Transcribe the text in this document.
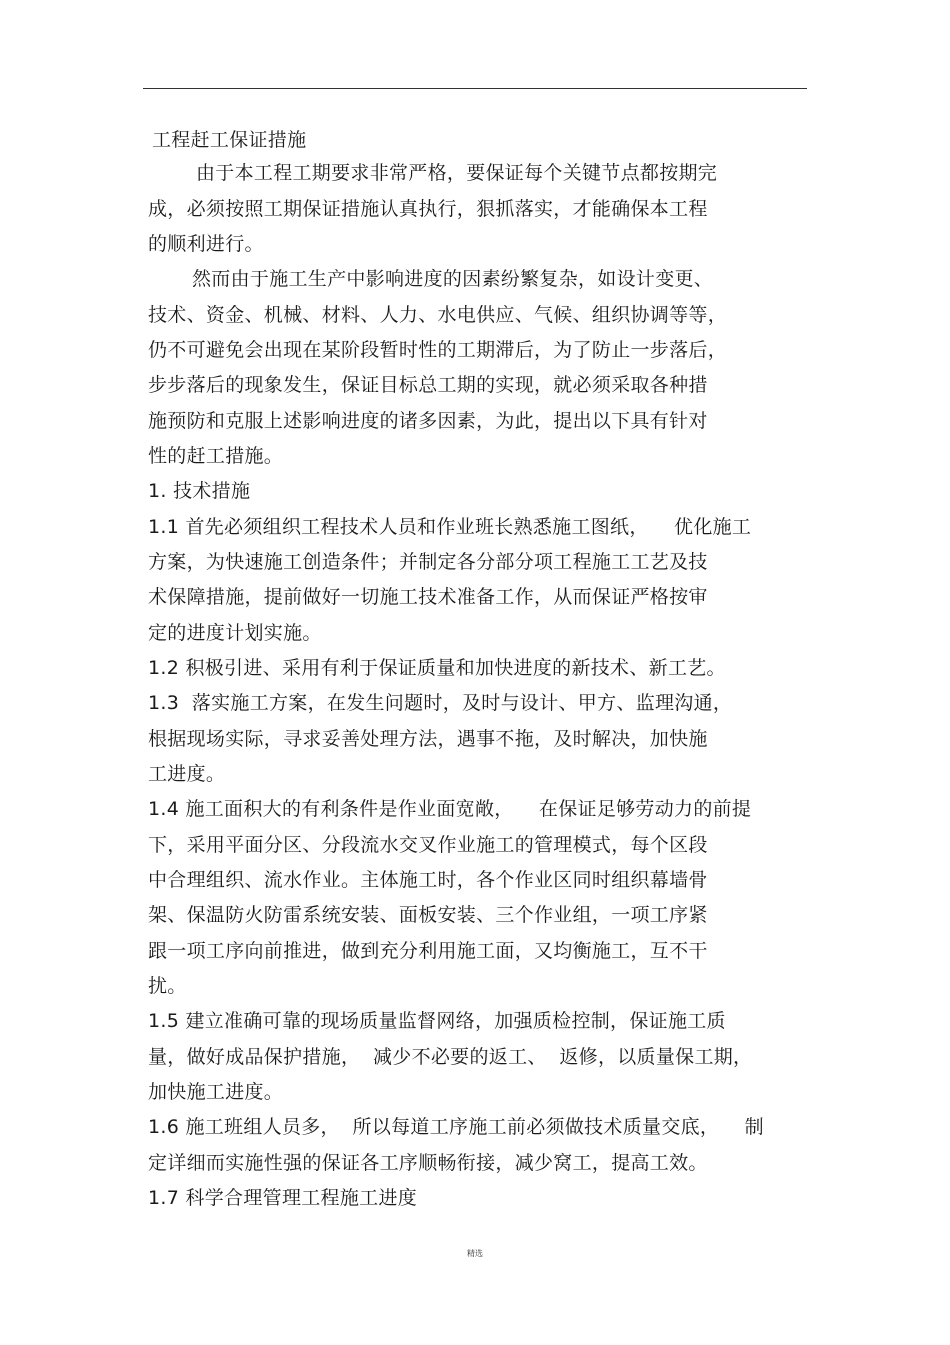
工程赶工保证措施
由于本工程工期要求非常严格，要保证每个关键节点都按期完
成，必须按照工期保证措施认真执行，狠抓落实，才能确保本工程
的顺利进行。
然而由于施工生产中影响进度的因素纷繁复杂，如设计变更、
技术、资金、机械、材料、人力、水电供应、气候、组织协调等等，
仍不可避免会出现在某阶段暂时性的工期滞后，为了防止一步落后，
步步落后的现象发生，保证目标总工期的实现，就必须采取各种措
施预防和克服上述影响进度的诸多因素，为此，提出以下具有针对
性的赶工措施。
1. 技术措施
1.1 首先必须组织工程技术人员和作业班长熟悉施工图纸，    优化施工
方案，为快速施工创造条件；并制定各分部分项工程施工工艺及技
术保障措施，提前做好一切施工技术准备工作，从而保证严格按审
定的进度计划实施。
1.2 积极引进、采用有利于保证质量和加快进度的新技术、新工艺。
1.3  落实施工方案，在发生问题时，及时与设计、甲方、监理沟通，
根据现场实际，寻求妥善处理方法，遇事不拖，及时解决，加快施
工进度。
1.4 施工面积大的有利条件是作业面宽敞，    在保证足够劳动力的前提
下，采用平面分区、分段流水交叉作业施工的管理模式，每个区段
中合理组织、流水作业。主体施工时，各个作业区同时组织幕墙骨
架、保温防火防雷系统安装、面板安装、三个作业组，一项工序紧
跟一项工序向前推进，做到充分利用施工面，又均衡施工，互不干
扰。
1.5 建立准确可靠的现场质量监督网络，加强质检控制，保证施工质
量，做好成品保护措施，  减少不必要的返工、  返修，以质量保工期，
加快施工进度。
1.6 施工班组人员多，  所以每道工序施工前必须做技术质量交底，    制
定详细而实施性强的保证各工序顺畅衔接，减少窝工，提高工效。
1.7 科学合理管理工程施工进度
精选
